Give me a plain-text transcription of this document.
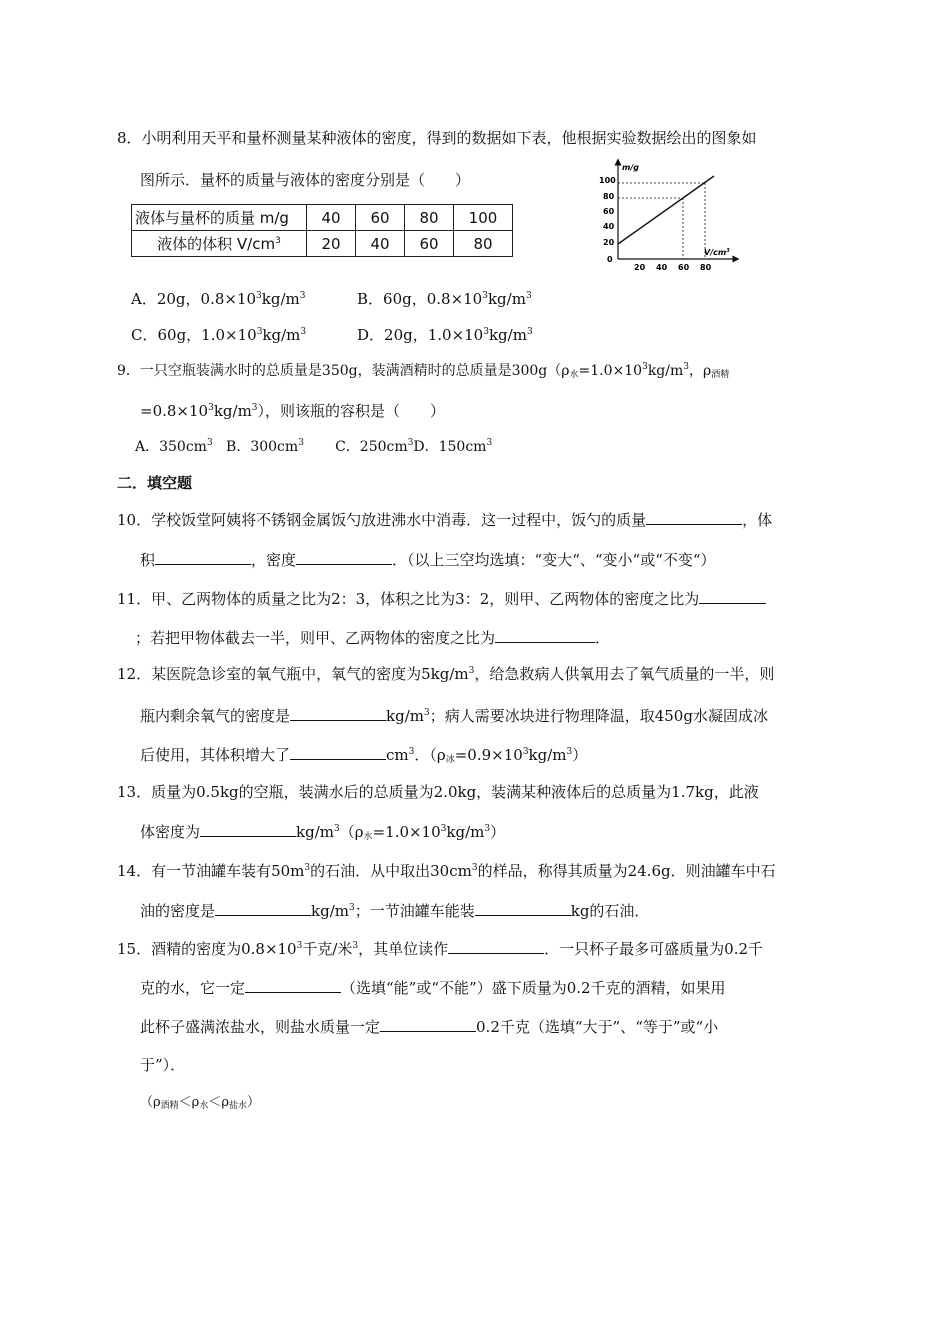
8．小明利用天平和量杯测量某种液体的密度，得到的数据如下表，他根据实验数据绘出的图象如
图所示．量杯的质量与液体的密度分别是（　　）
液体与量杯的质量 m/g	40	60	80	100
液体的体积 $V/cm^3$	20	40	60	80
m/g
$V/cm^3$
100
80
60
40
20
0
20 40 60 80
A．20g，$0.8\times 10^3kg/m^3$	B．60g，$0.8\times 10^3kg/m^3$
C．60g，$1.0\times 10^3kg/m^3$	D．20g，$1.0\times 10^3kg/m^3$
9．一只空瓶装满水时的总质量是350g，装满酒精时的总质量是$300g(\rho_水=1.0\times 10^3kg/m^3$，$\rho_{酒精}$
$=0.8\times 10^3kg/m^3$），则该瓶的容积是（　　）
A．$350cm^3$ B．$300cm^3$ C．$250cm^3D$．$150cm^3$
二．填空题
10．学校饭堂阿姨将不锈钢金属饭勺放进沸水中消毒．这一过程中，饭勺的质量	，体
积	，密度	．（以上三空均选填：“变大“、“变小“或“不变“）
11．甲、乙两物体的质量之比为2：3，体积之比为3：2，则甲、乙两物体的密度之比为
；若把甲物体截去一半，则甲、乙两物体的密度之比为	．
12．某医院急诊室的氧气瓶中，氧气的密度为$5kg/m^3$，给急救病人供氧用去了氧气质量的一半，则
瓶内剩余氧气的密度是	$kg/m^3$；病人需要冰块进行物理降温，取450g水凝固成冰
后使用，其体积增大了	$cm^3$．$(\rho_冰=0.9\times 10^3kg/m^3)$
13．质量为0.5kg的空瓶，装满水后的总质量为2.0kg，装满某种液体后的总质量为1.7kg，此液
体密度为	$kg/m^3(\rho_水=1.0\times 10^3kg/m^3)$
14．有一节油罐车装有$50m^3$的石油．从中取出$30cm^3$的样品，称得其质量为24.6g．则油罐车中石
油的密度是	$kg/m^3$；一节油罐车能装	kg的石油．
15．酒精的密度为$0.8\times 10^3$千克/米$^3$，其单位读作	．一只杯子最多可盛质量为0.2千
克的水，它一定	（选填“能”或“不能”）盛下质量为0.2千克的酒精，如果用
此杯子盛满浓盐水，则盐水质量一定	0.2千克（选填“大于”、“等于”或“小
于”）．
$(\rho_{酒精}<\rho_水<\rho_{盐水})$
